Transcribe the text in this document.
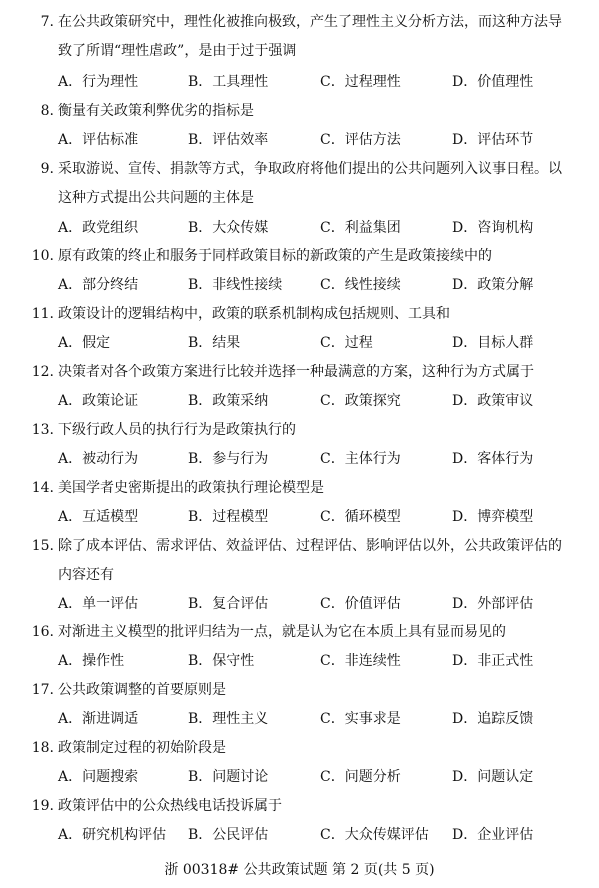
7. 在公共政策研究中，理性化被推向极致，产生了理性主义分析方法，而这种方法导
致了所谓“理性虐政”，是由于过于强调
A．行为理性	B．工具理性	C．过程理性	D．价值理性
8. 衡量有关政策利弊优劣的指标是
A．评估标准	B．评估效率	C．评估方法	D．评估环节
9. 采取游说、宣传、捐款等方式，争取政府将他们提出的公共问题列入议事日程。以
这种方式提出公共问题的主体是
A．政党组织	B．大众传媒	C．利益集团	D．咨询机构
10. 原有政策的终止和服务于同样政策目标的新政策的产生是政策接续中的
A．部分终结	B．非线性接续	C．线性接续	D．政策分解
11. 政策设计的逻辑结构中，政策的联系机制构成包括规则、工具和
A．假定	B．结果	C．过程	D．目标人群
12. 决策者对各个政策方案进行比较并选择一种最满意的方案，这种行为方式属于
A．政策论证	B．政策采纳	C．政策探究	D．政策审议
13. 下级行政人员的执行行为是政策执行的
A．被动行为	B．参与行为	C．主体行为	D．客体行为
14. 美国学者史密斯提出的政策执行理论模型是
A．互适模型	B．过程模型	C．循环模型	D．博弈模型
15. 除了成本评估、需求评估、效益评估、过程评估、影响评估以外，公共政策评估的
内容还有
A．单一评估	B．复合评估	C．价值评估	D．外部评估
16. 对渐进主义模型的批评归结为一点，就是认为它在本质上具有显而易见的
A．操作性	B．保守性	C．非连续性	D．非正式性
17. 公共政策调整的首要原则是
A．渐进调适	B．理性主义	C．实事求是	D．追踪反馈
18. 政策制定过程的初始阶段是
A．问题搜索	B．问题讨论	C．问题分析	D．问题认定
19. 政策评估中的公众热线电话投诉属于
A．研究机构评估 B．公民评估	C．大众传媒评估 D．企业评估
浙 00318# 公共政策试题 第 2 页(共 5 页)
